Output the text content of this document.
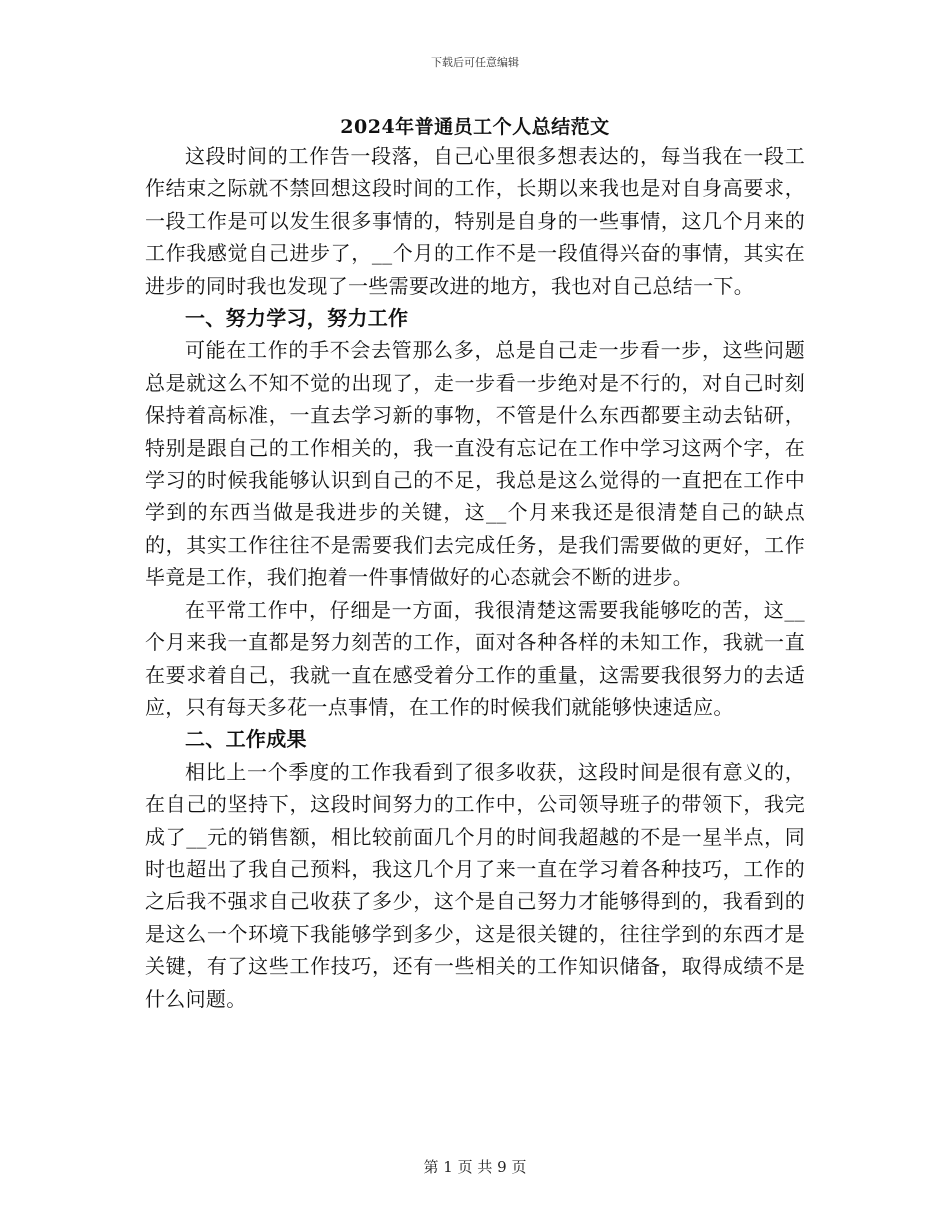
下载后可任意编辑
2024年普通员工个人总结范文

这段时间的工作告一段落，自己心里很多想表达的，每当我在一段工作结束之际就不禁回想这段时间的工作，长期以来我也是对自身高要求，一段工作是可以发生很多事情的，特别是自身的一些事情，这几个月来的工作我感觉自己进步了，__个月的工作不是一段值得兴奋的事情，其实在进步的同时我也发现了一些需要改进的地方，我也对自己总结一下。

一、努力学习，努力工作

可能在工作的手不会去管那么多，总是自己走一步看一步，这些问题总是就这么不知不觉的出现了，走一步看一步绝对是不行的，对自己时刻保持着高标准，一直去学习新的事物，不管是什么东西都要主动去钻研，特别是跟自己的工作相关的，我一直没有忘记在工作中学习这两个字，在学习的时候我能够认识到自己的不足，我总是这么觉得的一直把在工作中学到的东西当做是我进步的关键，这__个月来我还是很清楚自己的缺点的，其实工作往往不是需要我们去完成任务，是我们需要做的更好，工作毕竟是工作，我们抱着一件事情做好的心态就会不断的进步。

在平常工作中，仔细是一方面，我很清楚这需要我能够吃的苦，这__个月来我一直都是努力刻苦的工作，面对各种各样的未知工作，我就一直在要求着自己，我就一直在感受着分工作的重量，这需要我很努力的去适应，只有每天多花一点事情，在工作的时候我们就能够快速适应。

二、工作成果

相比上一个季度的工作我看到了很多收获，这段时间是很有意义的，在自己的坚持下，这段时间努力的工作中，公司领导班子的带领下，我完成了__元的销售额，相比较前面几个月的时间我超越的不是一星半点，同时也超出了我自己预料，我这几个月了来一直在学习着各种技巧，工作的之后我不强求自己收获了多少，这个是自己努力才能够得到的，我看到的是这么一个环境下我能够学到多少，这是很关键的，往往学到的东西才是关键，有了这些工作技巧，还有一些相关的工作知识储备，取得成绩不是什么问题。

第 1 页 共 9 页
